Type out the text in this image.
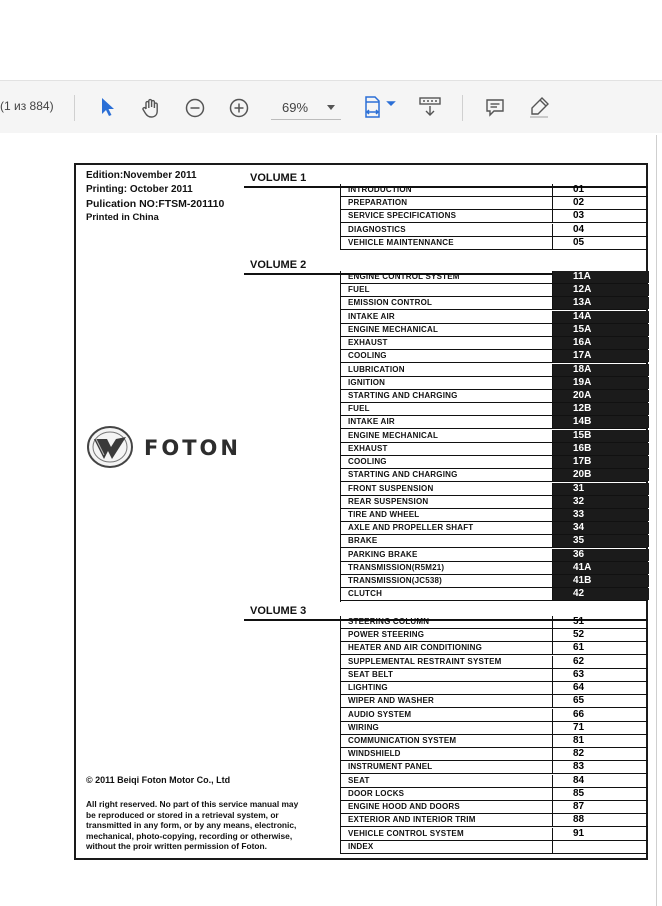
(1 из 884)	69%
Edition:November 2011
Printing: October 2011
Pulication NO:FTSM-201110
Printed in China
FOTON
© 2011 Beiqi Foton Motor Co., Ltd
All right reserved. No part of this service manual may be reproduced or stored in a retrieval system, or transmitted in any form, or by any means, electronic, mechanical, photo-copying, recording or otherwise, without the proir written permission of Foton.
VOLUME 1
INTRODUCTION	01
PREPARATION	02
SERVICE SPECIFICATIONS	03
DIAGNOSTICS	04
VEHICLE MAINTENNANCE	05
VOLUME 2
ENGINE CONTROL SYSTEM	11A
FUEL	12A
EMISSION CONTROL	13A
INTAKE AIR	14A
ENGINE MECHANICAL	15A
EXHAUST	16A
COOLING	17A
LUBRICATION	18A
IGNITION	19A
STARTING AND CHARGING	20A
FUEL	12B
INTAKE AIR	14B
ENGINE MECHANICAL	15B
EXHAUST	16B
COOLING	17B
STARTING AND CHARGING	20B
FRONT SUSPENSION	31
REAR SUSPENSION	32
TIRE AND WHEEL	33
AXLE AND PROPELLER SHAFT	34
BRAKE	35
PARKING BRAKE	36
TRANSMISSION(R5M21)	41A
TRANSMISSION(JC538)	41B
CLUTCH	42
VOLUME 3
STEERING COLUMN	51
POWER STEERING	52
HEATER AND AIR CONDITIONING	61
SUPPLEMENTAL RESTRAINT SYSTEM	62
SEAT BELT	63
LIGHTING	64
WIPER AND WASHER	65
AUDIO SYSTEM	66
WIRING	71
COMMUNICATION SYSTEM	81
WINDSHIELD	82
INSTRUMENT PANEL	83
SEAT	84
DOOR LOCKS	85
ENGINE HOOD AND DOORS	87
EXTERIOR AND INTERIOR TRIM	88
VEHICLE CONTROL SYSTEM	91
INDEX
